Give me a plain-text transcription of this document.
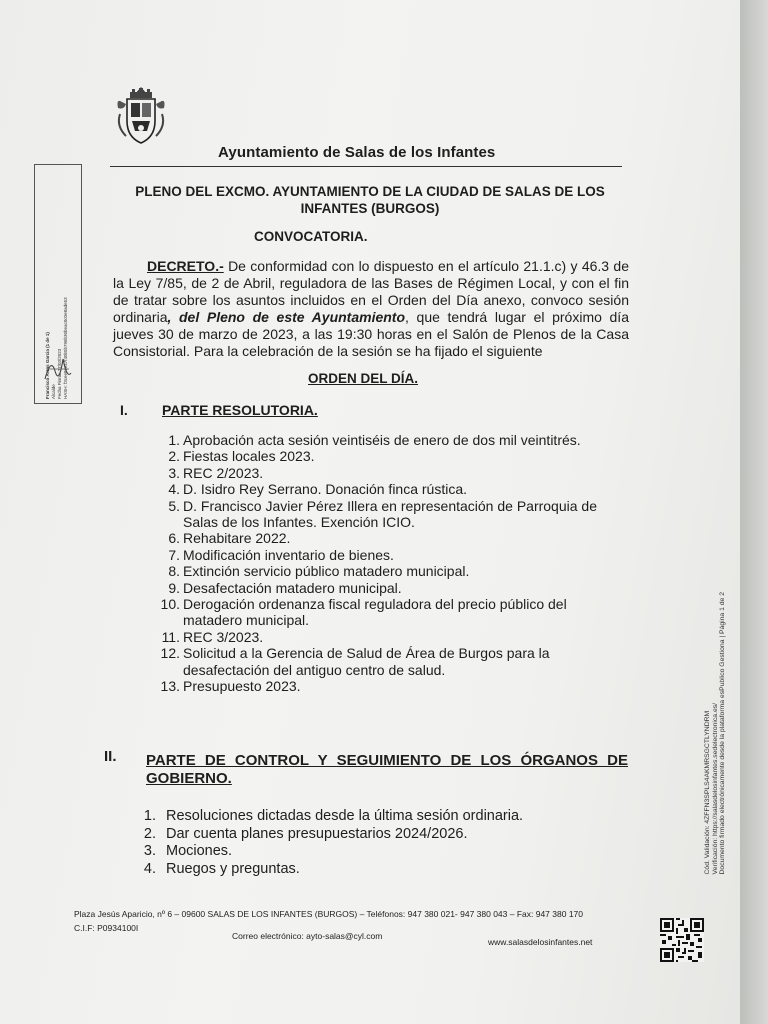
Ayuntamiento de Salas de los Infantes
Francisco Arzas Garcia (1 de 1) Alcalde Fecha Firma: 27/03/2023 HASH: f3cee8ce47f40b5b796b36beac0c0e8ade53
PLENO DEL EXCMO. AYUNTAMIENTO DE LA CIUDAD DE SALAS DE LOS INFANTES (BURGOS)
CONVOCATORIA.
DECRETO.- De conformidad con lo dispuesto en el artículo 21.1.c) y 46.3 de la Ley 7/85, de 2 de Abril, reguladora de las Bases de Régimen Local, y con el fin de tratar sobre los asuntos incluidos en el Orden del Día anexo, convoco sesión ordinaria, del Pleno de este Ayuntamiento, que tendrá lugar el próximo día jueves 30 de marzo de 2023, a las 19:30 horas en el Salón de Plenos de la Casa Consistorial. Para la celebración de la sesión se ha fijado el siguiente
ORDEN DEL DÍA.
I. PARTE RESOLUTORIA.
1. Aprobación acta sesión veintiséis de enero de dos mil veintitrés.
2. Fiestas locales 2023.
3. REC 2/2023.
4. D. Isidro Rey Serrano. Donación finca rústica.
5. D. Francisco Javier Pérez Illera en representación de Parroquia de Salas de los Infantes. Exención ICIO.
6. Rehabitare 2022.
7. Modificación inventario de bienes.
8. Extinción servicio público matadero municipal.
9. Desafectación matadero municipal.
10. Derogación ordenanza fiscal reguladora del precio público del matadero municipal.
11. REC 3/2023.
12. Solicitud a la Gerencia de Salud de Área de Burgos para la desafectación del antiguo centro de salud.
13. Presupuesto 2023.
II. PARTE DE CONTROL Y SEGUIMIENTO DE LOS ÓRGANOS DE GOBIERNO.
1. Resoluciones dictadas desde la última sesión ordinaria.
2. Dar cuenta planes presupuestarios 2024/2026.
3. Mociones.
4. Ruegos y preguntas.	Cód. Validación: 4ZFFN3SPLS4AKMRSGCTLYNDRM Verificación: https://salasdelosinfantes.sedelectronica.es/ Documento firmado electrónicamente desde la plataforma esPublico Gestiona | Página 1 de 2
Plaza Jesús Aparicio, nº 6 – 09600 SALAS DE LOS INFANTES (BURGOS) – Teléfonos: 947 380 021- 947 380 043 – Fax: 947 380 170
C.I.F: P0934100I
Correo electrónico: ayto-salas@cyl.com
www.salasdelosinfantes.net
